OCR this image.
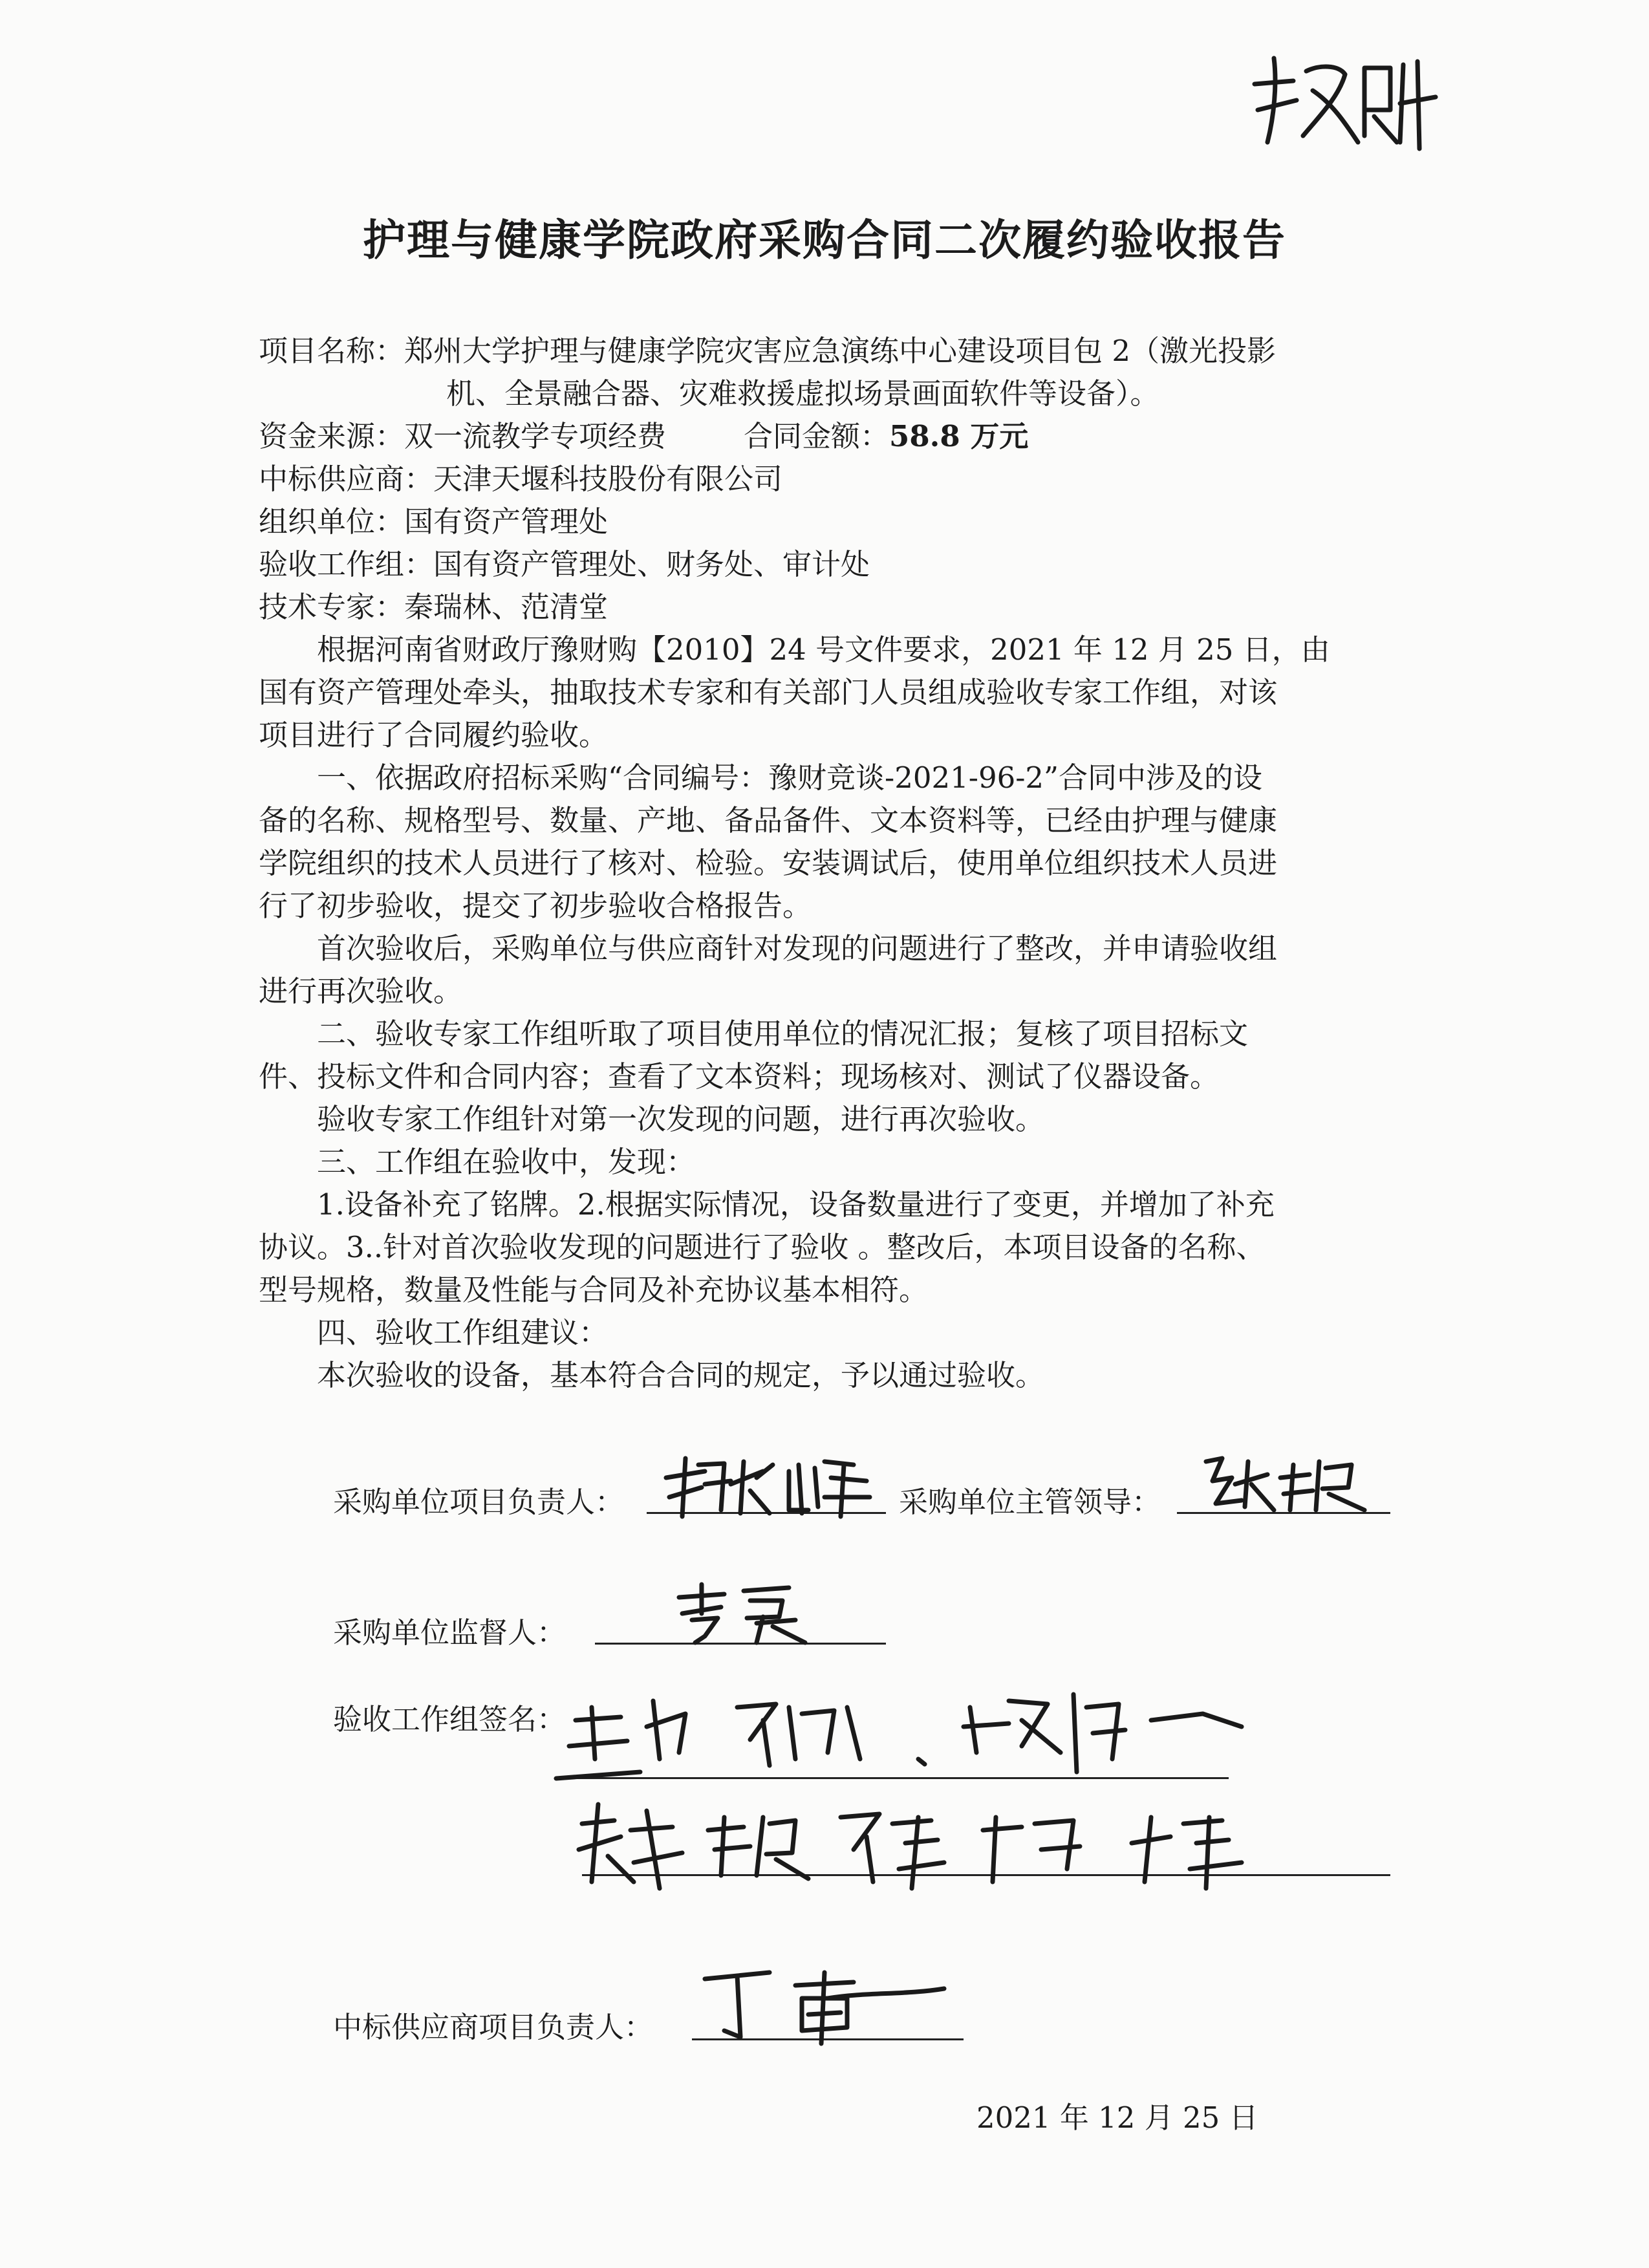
护理与健康学院政府采购合同二次履约验收报告
项目名称：郑州大学护理与健康学院灾害应急演练中心建设项目包 2（激光投影
机、全景融合器、灾难救援虚拟场景画面软件等设备）。
资金来源：双一流教学专项经费	合同金额：58.8 万元
中标供应商：天津天堰科技股份有限公司
组织单位：国有资产管理处
验收工作组：国有资产管理处、财务处、审计处
技术专家：秦瑞林、范清堂
根据河南省财政厅豫财购【2010】24 号文件要求，2021 年 12 月 25 日，由
国有资产管理处牵头，抽取技术专家和有关部门人员组成验收专家工作组，对该
项目进行了合同履约验收。
一、依据政府招标采购“合同编号：豫财竞谈-2021-96-2”合同中涉及的设
备的名称、规格型号、数量、产地、备品备件、文本资料等，已经由护理与健康
学院组织的技术人员进行了核对、检验。安装调试后，使用单位组织技术人员进
行了初步验收，提交了初步验收合格报告。
首次验收后，采购单位与供应商针对发现的问题进行了整改，并申请验收组
进行再次验收。
二、验收专家工作组听取了项目使用单位的情况汇报；复核了项目招标文
件、投标文件和合同内容；查看了文本资料；现场核对、测试了仪器设备。
验收专家工作组针对第一次发现的问题，进行再次验收。
三、工作组在验收中，发现：
1.设备补充了铭牌。2.根据实际情况，设备数量进行了变更，并增加了补充
协议。3..针对首次验收发现的问题进行了验收 。整改后，本项目设备的名称、
型号规格，数量及性能与合同及补充协议基本相符。
四、验收工作组建议：
本次验收的设备，基本符合合同的规定，予以通过验收。
采购单位项目负责人：	采购单位主管领导：
采购单位监督人：
验收工作组签名：
中标供应商项目负责人：
2021 年 12 月 25 日
